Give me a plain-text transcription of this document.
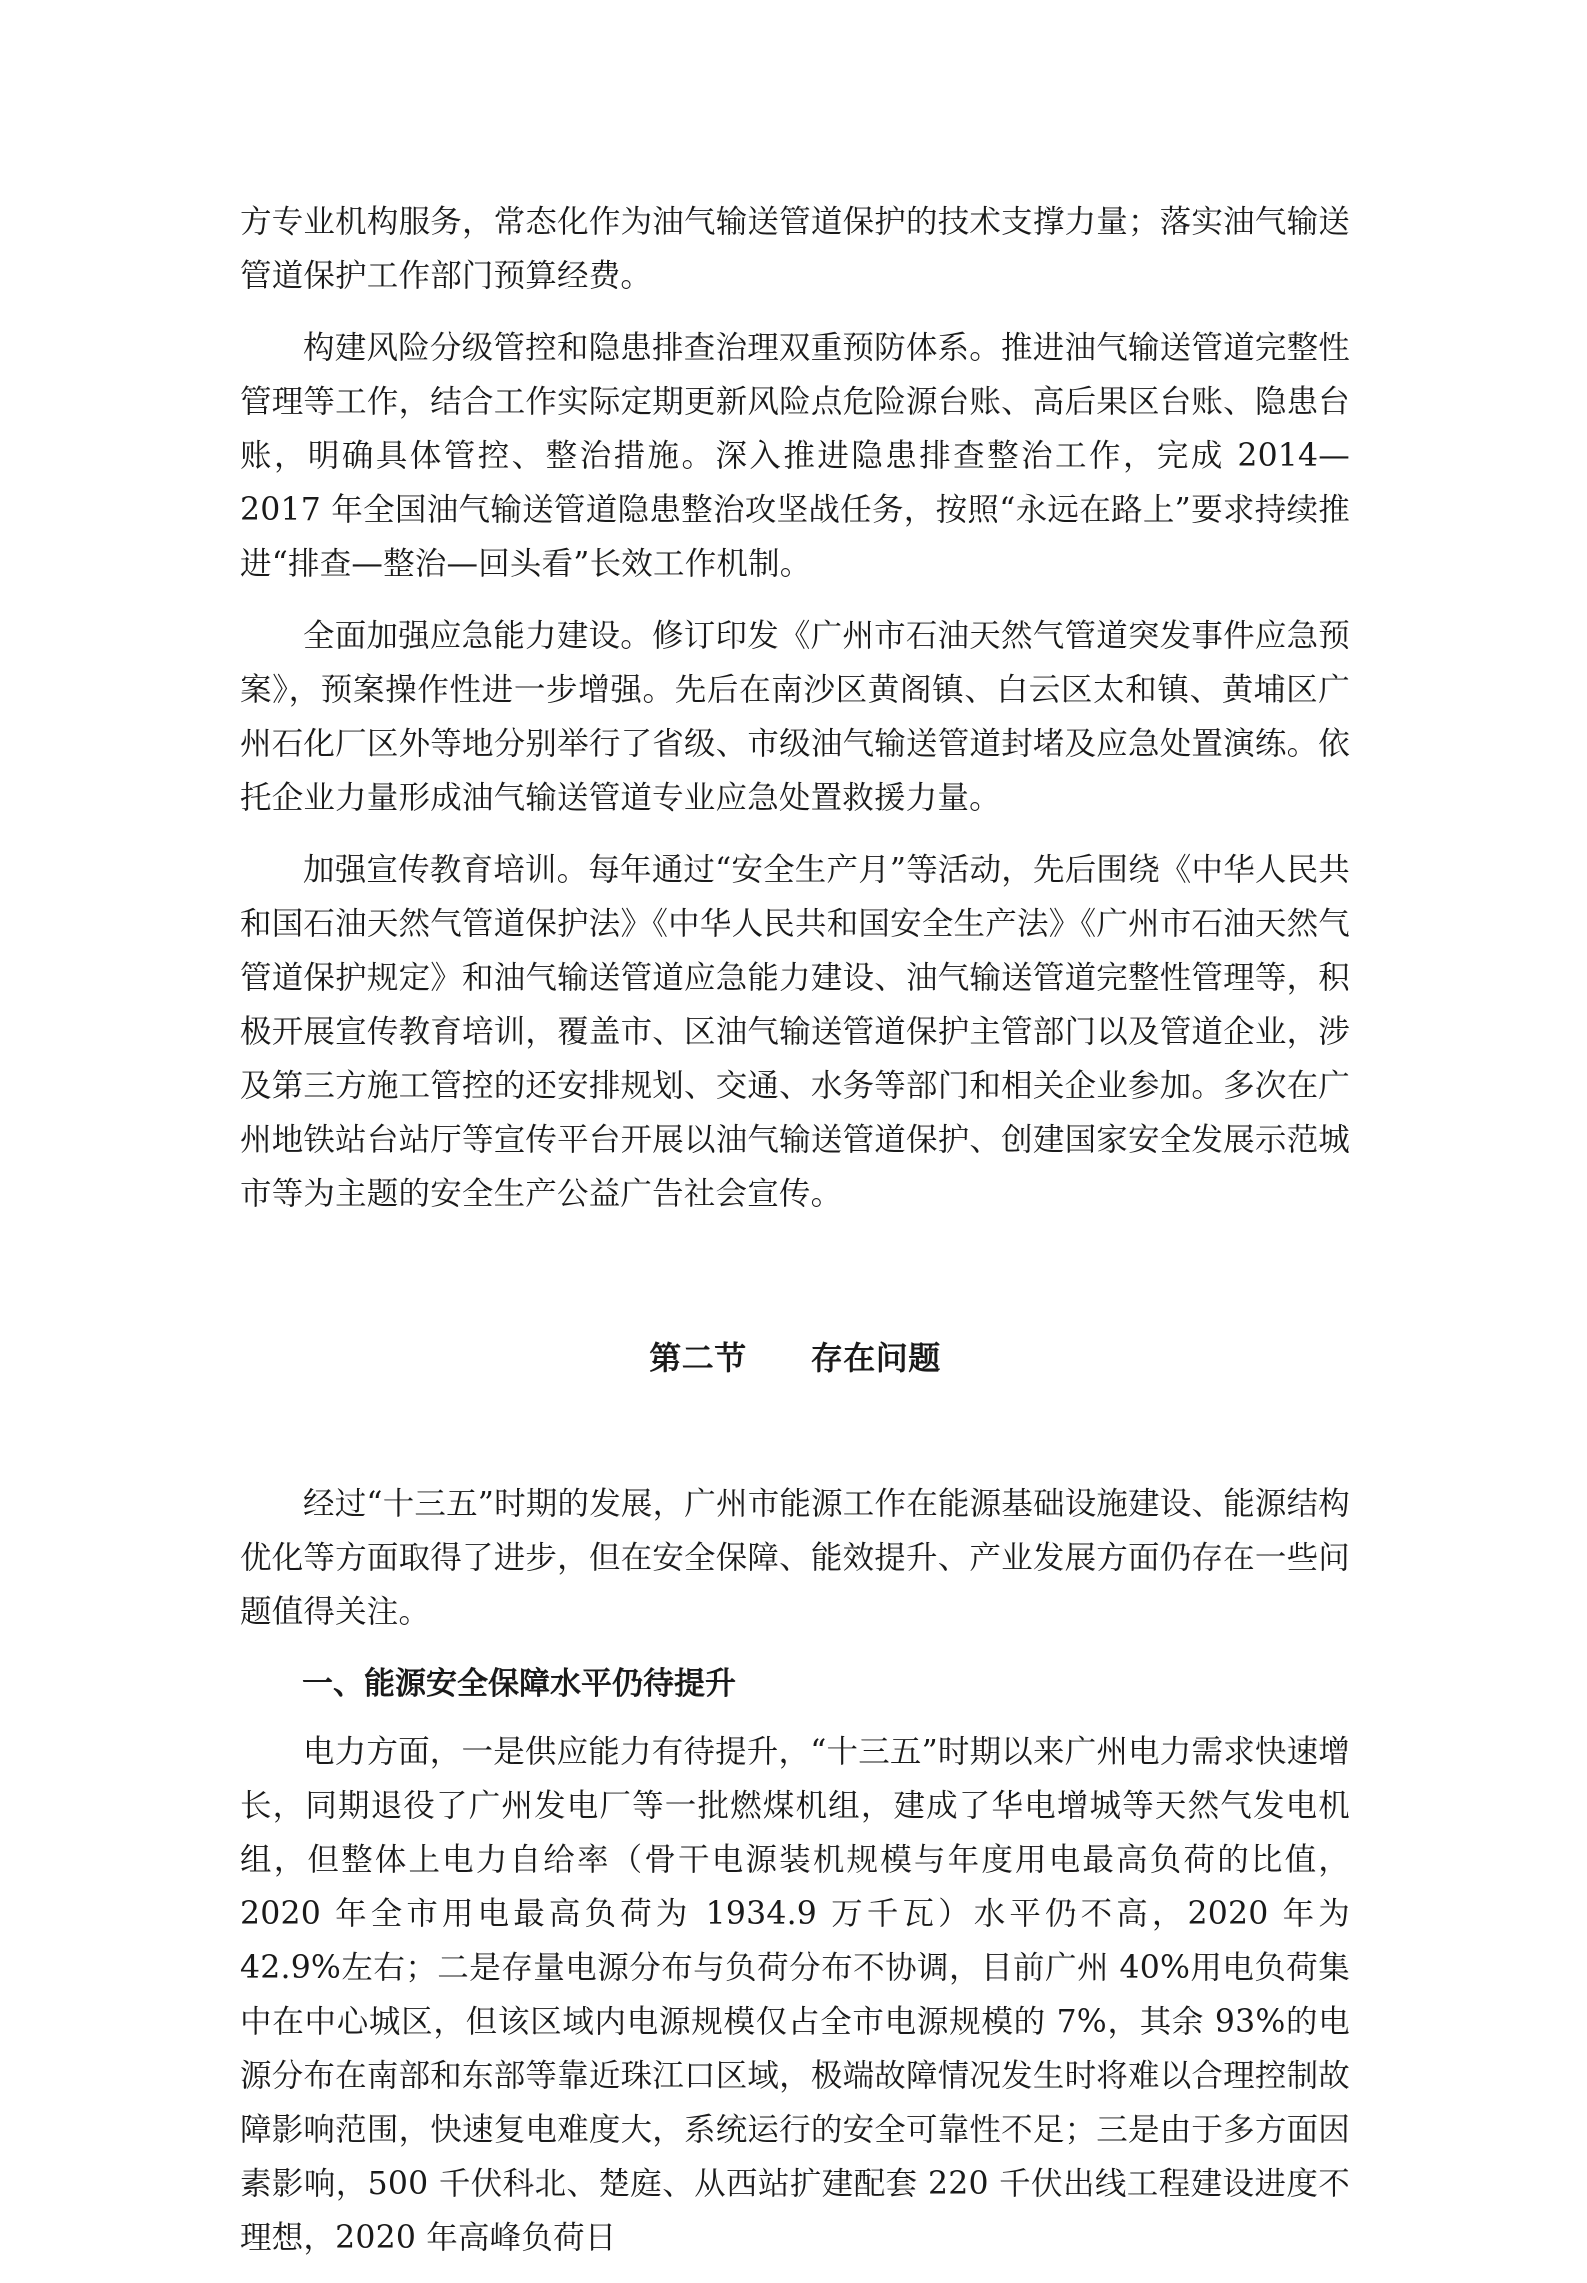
方专业机构服务，常态化作为油气输送管道保护的技术支撑力量；落实油气输送管道保护工作部门预算经费。

构建风险分级管控和隐患排查治理双重预防体系。推进油气输送管道完整性管理等工作，结合工作实际定期更新风险点危险源台账、高后果区台账、隐患台账，明确具体管控、整治措施。深入推进隐患排查整治工作，完成 2014—2017 年全国油气输送管道隐患整治攻坚战任务，按照“永远在路上”要求持续推进“排查—整治—回头看”长效工作机制。

全面加强应急能力建设。修订印发《广州市石油天然气管道突发事件应急预案》，预案操作性进一步增强。先后在南沙区黄阁镇、白云区太和镇、黄埔区广州石化厂区外等地分别举行了省级、市级油气输送管道封堵及应急处置演练。依托企业力量形成油气输送管道专业应急处置救援力量。

加强宣传教育培训。每年通过“安全生产月”等活动，先后围绕《中华人民共和国石油天然气管道保护法》《中华人民共和国安全生产法》《广州市石油天然气管道保护规定》和油气输送管道应急能力建设、油气输送管道完整性管理等，积极开展宣传教育培训，覆盖市、区油气输送管道保护主管部门以及管道企业，涉及第三方施工管控的还安排规划、交通、水务等部门和相关企业参加。多次在广州地铁站台站厅等宣传平台开展以油气输送管道保护、创建国家安全发展示范城市等为主题的安全生产公益广告社会宣传。

第二节 存在问题

经过“十三五”时期的发展，广州市能源工作在能源基础设施建设、能源结构优化等方面取得了进步，但在安全保障、能效提升、产业发展方面仍存在一些问题值得关注。

一、能源安全保障水平仍待提升

电力方面，一是供应能力有待提升，“十三五”时期以来广州电力需求快速增长，同期退役了广州发电厂等一批燃煤机组，建成了华电增城等天然气发电机组，但整体上电力自给率（骨干电源装机规模与年度用电最高负荷的比值，2020 年全市用电最高负荷为 1934.9 万千瓦）水平仍不高，2020 年为 42.9%左右；二是存量电源分布与负荷分布不协调，目前广州 40%用电负荷集中在中心城区，但该区域内电源规模仅占全市电源规模的 7%，其余 93%的电源分布在南部和东部等靠近珠江口区域，极端故障情况发生时将难以合理控制故障影响范围，快速复电难度大，系统运行的安全可靠性不足；三是由于多方面因素影响，500 千伏科北、楚庭、从西站扩建配套 220 千伏出线工程建设进度不理想，2020 年高峰负荷日
